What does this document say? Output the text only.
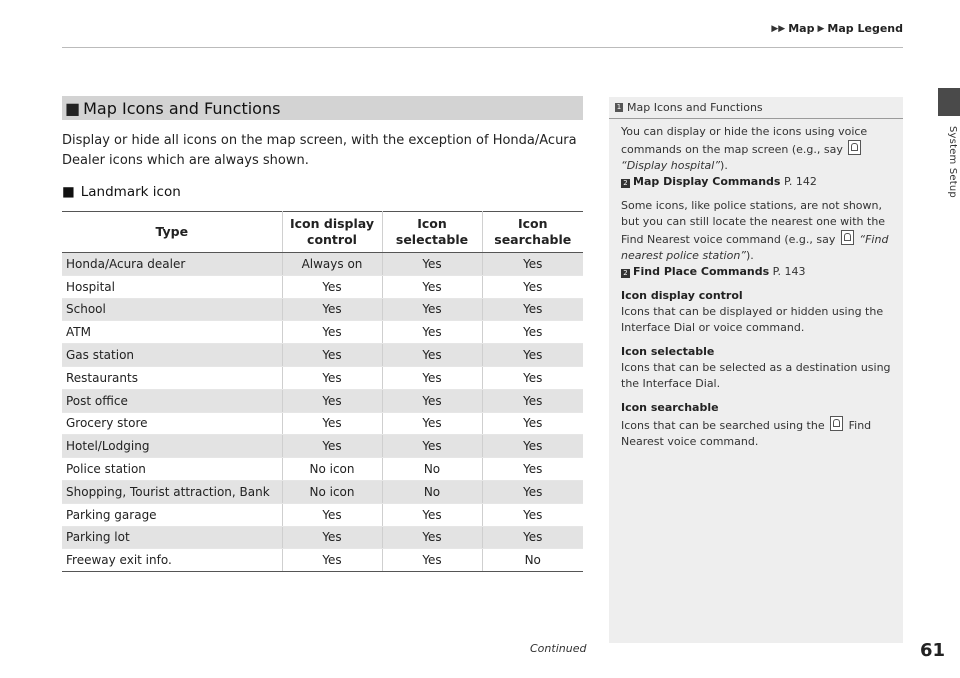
▶▶ Map ▶ Map Legend
System Setup
■ Map Icons and Functions
Display or hide all icons on the map screen, with the exception of Honda/Acura Dealer icons which are always shown.
■ Landmark icon
Type	Icon display control	Icon selectable	Icon searchable
Honda/Acura dealer	Always on	Yes	Yes
Hospital	Yes	Yes	Yes
School	Yes	Yes	Yes
ATM	Yes	Yes	Yes
Gas station	Yes	Yes	Yes
Restaurants	Yes	Yes	Yes
Post office	Yes	Yes	Yes
Grocery store	Yes	Yes	Yes
Hotel/Lodging	Yes	Yes	Yes
Police station	No icon	No	Yes
Shopping, Tourist attraction, Bank	No icon	No	Yes
Parking garage	Yes	Yes	Yes
Parking lot	Yes	Yes	Yes
Freeway exit info.	Yes	Yes	No
1 Map Icons and Functions

You can display or hide the icons using voice commands on the map screen (e.g., say
“Display hospital”).
2 Map Display Commands P. 142

Some icons, like police stations, are not shown, but you can still locate the nearest one with the Find Nearest voice command (e.g., say “Find nearest police station”).
2 Find Place Commands P. 143

Icon display control
Icons that can be displayed or hidden using the Interface Dial or voice command.

Icon selectable
Icons that can be selected as a destination using the Interface Dial.

Icon searchable
Icons that can be searched using the Find Nearest voice command.

Continued	61
